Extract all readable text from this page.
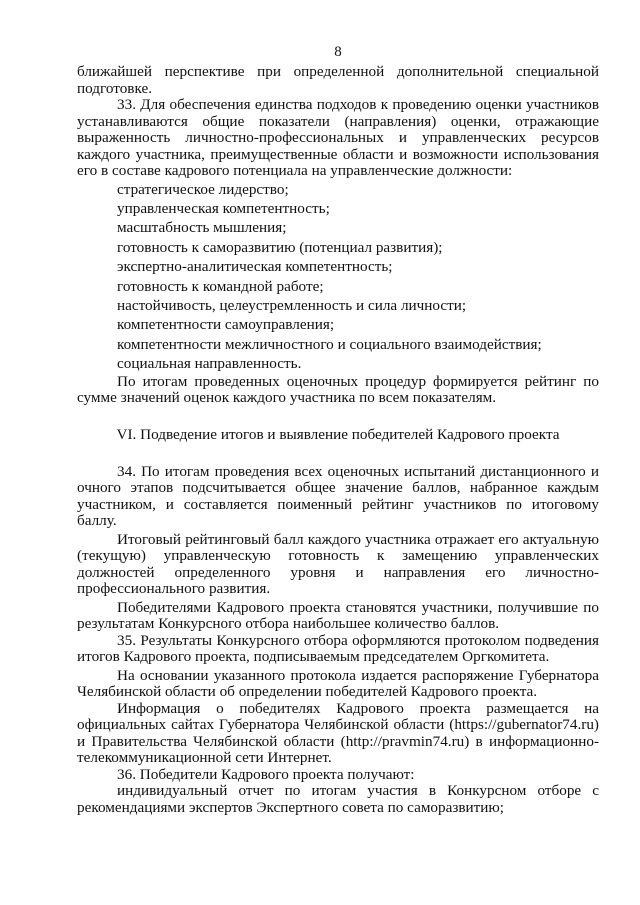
8

ближайшей перспективе при определенной дополнительной специальной подготовке.

33. Для обеспечения единства подходов к проведению оценки участников устанавливаются общие показатели (направления) оценки, отражающие выраженность личностно-профессиональных и управленческих ресурсов каждого участника, преимущественные области и возможности использования его в составе кадрового потенциала на управленческие должности:

стратегическое лидерство;

управленческая компетентность;

масштабность мышления;

готовность к саморазвитию (потенциал развития);

экспертно-аналитическая компетентность;

готовность к командной работе;

настойчивость, целеустремленность и сила личности;

компетентности самоуправления;

компетентности межличностного и социального взаимодействия;

социальная направленность.

По итогам проведенных оценочных процедур формируется рейтинг по сумме значений оценок каждого участника по всем показателям.

VI. Подведение итогов и выявление победителей Кадрового проекта

34. По итогам проведения всех оценочных испытаний дистанционного и очного этапов подсчитывается общее значение баллов, набранное каждым участником, и составляется поименный рейтинг участников по итоговому баллу.

Итоговый рейтинговый балл каждого участника отражает его актуальную (текущую) управленческую готовность к замещению управленческих должностей определенного уровня и направления его личностно-профессионального развития.

Победителями Кадрового проекта становятся участники, получившие по результатам Конкурсного отбора наибольшее количество баллов.

35. Результаты Конкурсного отбора оформляются протоколом подведения итогов Кадрового проекта, подписываемым председателем Оргкомитета.

На основании указанного протокола издается распоряжение Губернатора Челябинской области об определении победителей Кадрового проекта.

Информация о победителях Кадрового проекта размещается на официальных сайтах Губернатора Челябинской области (https://gubernator74.ru) и Правительства Челябинской области (http://pravmin74.ru) в информационно-телекоммуникационной сети Интернет.

36. Победители Кадрового проекта получают:

индивидуальный отчет по итогам участия в Конкурсном отборе с рекомендациями экспертов Экспертного совета по саморазвитию;
